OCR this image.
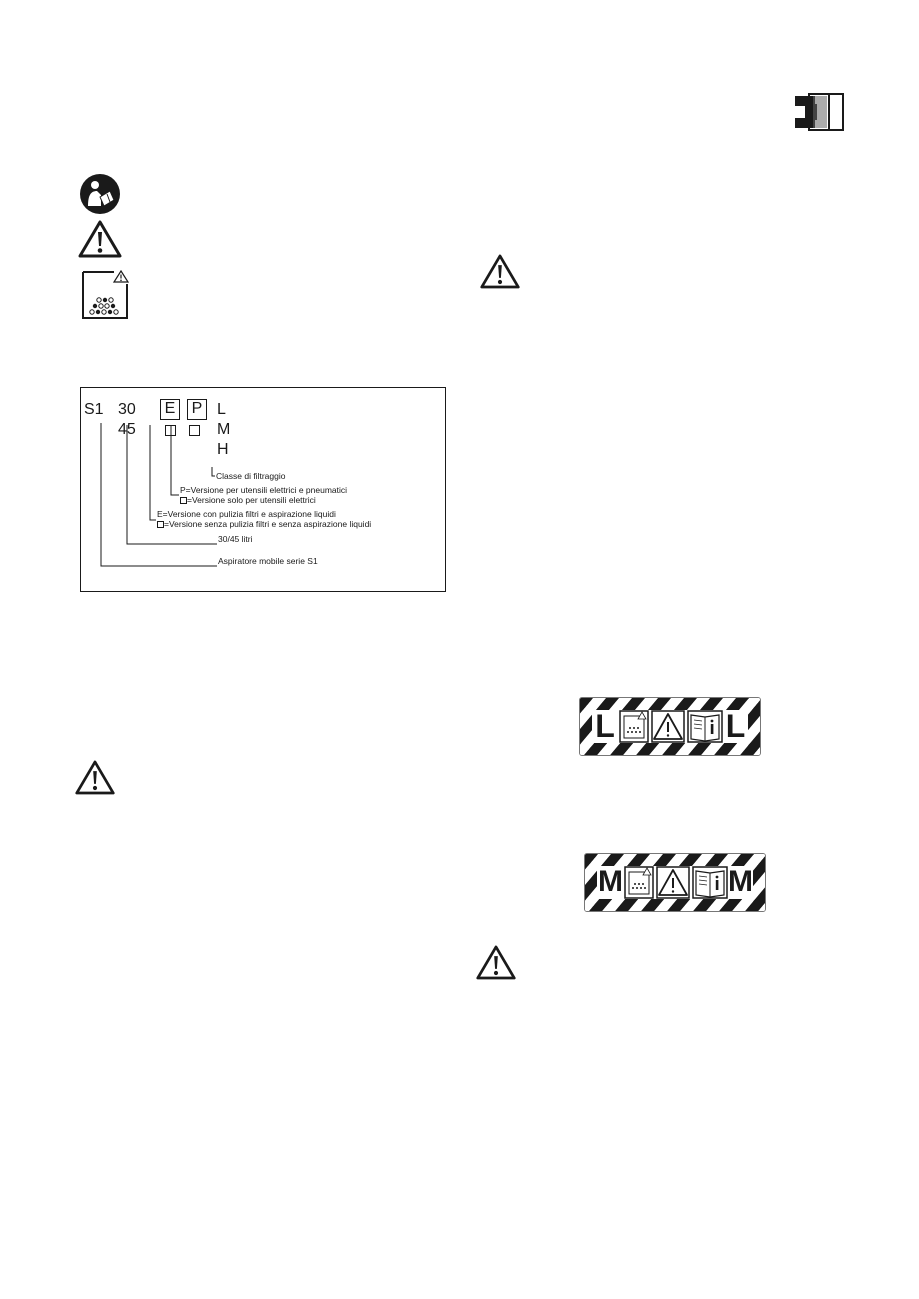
S1 30 E P L
45	M
H
Classe di filtraggio
P=Versione per utensili elettrici e pneumatici
=Versione solo per utensili elettrici
E=Versione con pulizia filtri e aspirazione liquidi
=Versione senza pulizia filtri e senza aspirazione liquidi
30/45 litri
Aspiratore mobile serie S1
L	L
M	M
